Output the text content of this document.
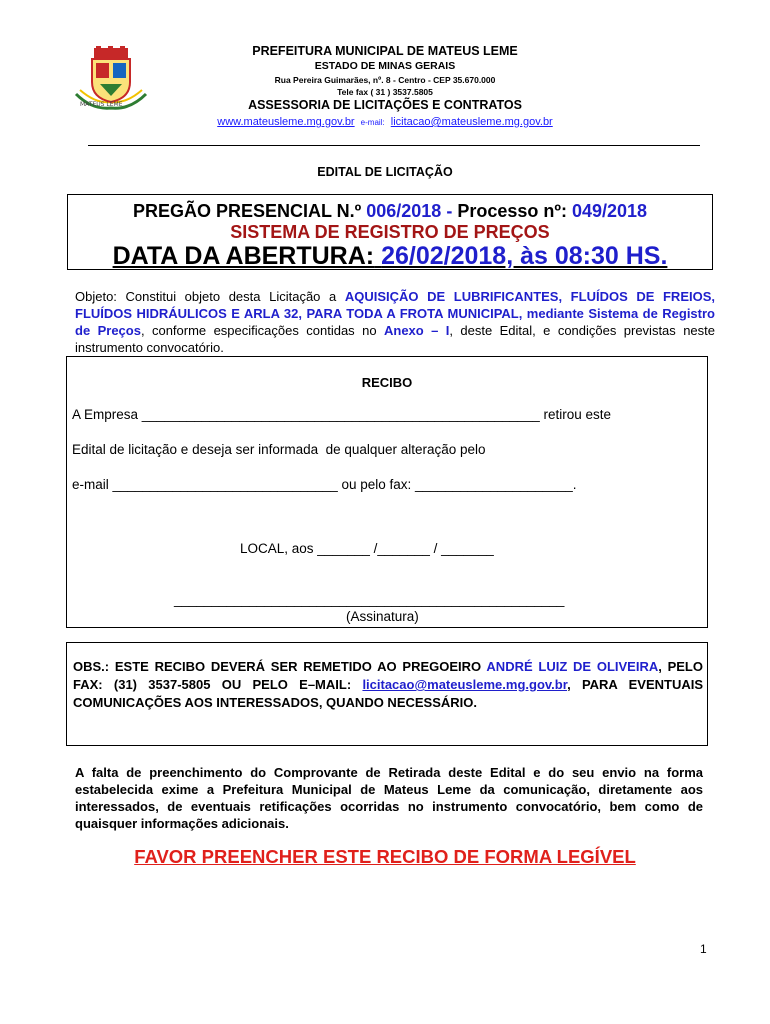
MATEUS LEME
PREFEITURA MUNICIPAL DE MATEUS LEME
ESTADO DE MINAS GERAIS
Rua Pereira Guimarães, nº. 8 - Centro - CEP 35.670.000
Tele fax ( 31 ) 3537.5805
ASSESSORIA DE LICITAÇÕES E CONTRATOS
www.mateusleme.mg.gov.br e-mail: licitacao@mateusleme.mg.gov.br
EDITAL DE LICITAÇÃO
PREGÃO PRESENCIAL N.º 006/2018 - Processo nº: 049/2018
SISTEMA DE REGISTRO DE PREÇOS
DATA DA ABERTURA: 26/02/2018, às 08:30 HS.
Objeto: Constitui objeto desta Licitação a AQUISIÇÃO DE LUBRIFICANTES, FLUÍDOS DE FREIOS, FLUÍDOS HIDRÁULICOS E ARLA 32, PARA TODA A FROTA MUNICIPAL, mediante Sistema de Registro de Preços, conforme especificações contidas no Anexo – I, deste Edital, e condições previstas neste instrumento convocatório.
RECIBO
A Empresa _____________________________________________________ retirou este
Edital de licitação e deseja ser informada  de qualquer alteração pelo
e-mail ______________________________ ou pelo fax: _____________________.
LOCAL, aos _______ /_______ / _______
____________________________________________________
(Assinatura)
OBS.: ESTE RECIBO DEVERÁ SER REMETIDO AO PREGOEIRO ANDRÉ LUIZ DE OLIVEIRA, PELO FAX: (31) 3537-5805 OU PELO E–MAIL: licitacao@mateusleme.mg.gov.br, PARA EVENTUAIS COMUNICAÇÕES AOS INTERESSADOS, QUANDO NECESSÁRIO.
A falta de preenchimento do Comprovante de Retirada deste Edital e do seu envio na forma estabelecida exime a Prefeitura Municipal de Mateus Leme da comunicação, diretamente aos interessados, de eventuais retificações ocorridas no instrumento convocatório, bem como de quaisquer informações adicionais.
FAVOR PREENCHER ESTE RECIBO DE FORMA LEGÍVEL
1
